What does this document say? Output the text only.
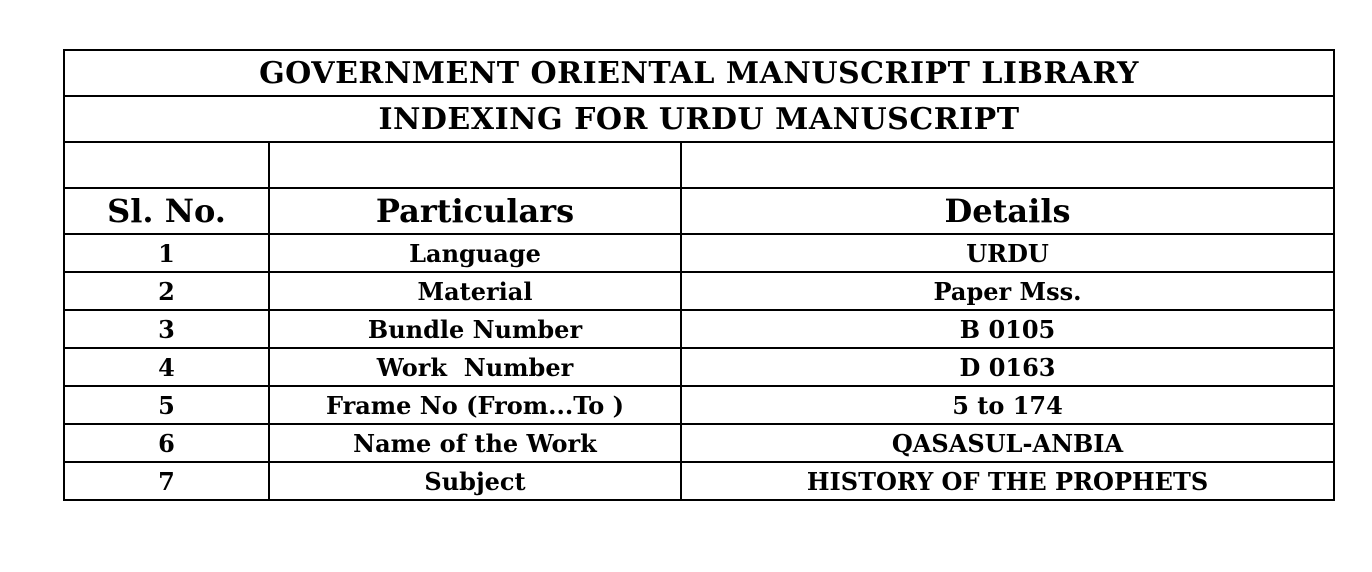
GOVERNMENT ORIENTAL MANUSCRIPT LIBRARY		
INDEXING FOR URDU MANUSCRIPT		

Sl. No.	Particulars	Details
1	Language	URDU
2	Material	Paper Mss.
3	Bundle Number	B 0105
4	Work  Number	D 0163
5	Frame No (From...To )	5 to 174
6	Name of the Work	QASASUL-ANBIA
7	Subject	HISTORY OF THE PROPHETS
